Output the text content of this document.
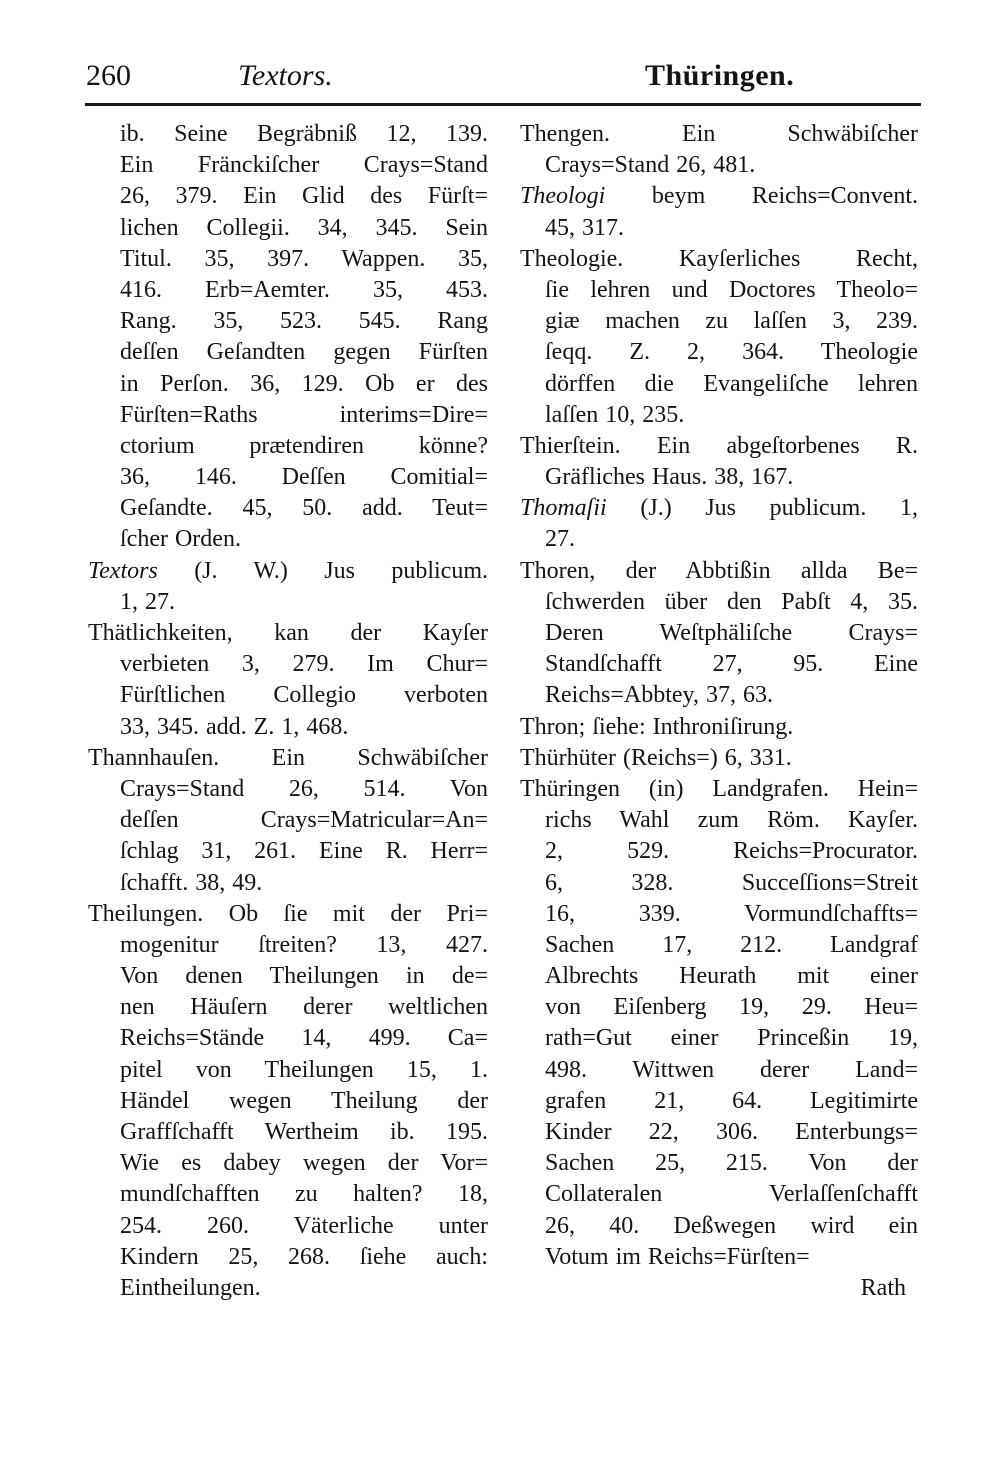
260	Textors.	Thüringen.
ib. Seine Begräbniß 12, 139.
Ein Fränckiſcher Crays=Stand
26, 379. Ein Glid des Fürſt=
lichen Collegii. 34, 345. Sein
Titul. 35, 397. Wappen. 35,
416. Erb=Aemter. 35, 453.
Rang. 35, 523. 545. Rang
deſſen Geſandten gegen Fürſten
in Perſon. 36, 129. Ob er des
Fürſten=Raths interims=Dire=
ctorium prætendiren könne?
36, 146. Deſſen Comitial=
Geſandte. 45, 50. add. Teut=
ſcher Orden.
Textors (J. W.) Jus publicum.
1, 27.
Thätlichkeiten, kan der Kayſer
verbieten 3, 279. Im Chur=
Fürſtlichen Collegio verboten
33, 345. add. Z. 1, 468.
Thannhauſen. Ein Schwäbiſcher
Crays=Stand 26, 514. Von
deſſen Crays=Matricular=An=
ſchlag 31, 261. Eine R. Herr=
ſchafft. 38, 49.
Theilungen. Ob ſie mit der Pri=
mogenitur ſtreiten? 13, 427.
Von denen Theilungen in de=
nen Häuſern derer weltlichen
Reichs=Stände 14, 499. Ca=
pitel von Theilungen 15, 1.
Händel wegen Theilung der
Graffſchafft Wertheim ib. 195.
Wie es dabey wegen der Vor=
mundſchafften zu halten? 18,
254. 260. Väterliche unter
Kindern 25, 268. ſiehe auch:
Eintheilungen.
Thengen. Ein Schwäbiſcher
Crays=Stand 26, 481.
Theologi beym Reichs=Convent.
45, 317.
Theologie. Kayſerliches Recht,
ſie lehren und Doctores Theolo=
giæ machen zu laſſen 3, 239.
ſeqq. Z. 2, 364. Theologie
dörffen die Evangeliſche lehren
laſſen 10, 235.
Thierſtein. Ein abgeſtorbenes R.
Gräfliches Haus. 38, 167.
Thomaſii (J.) Jus publicum. 1,
27.
Thoren, der Abbtißin allda Be=
ſchwerden über den Pabſt 4, 35.
Deren Weſtphäliſche Crays=
Standſchafft 27, 95. Eine
Reichs=Abbtey, 37, 63.
Thron; ſiehe: Inthroniſirung.
Thürhüter (Reichs=) 6, 331.
Thüringen (in) Landgrafen. Hein=
richs Wahl zum Röm. Kayſer.
2, 529. Reichs=Procurator.
6, 328. Succeſſions=Streit
16, 339. Vormundſchaffts=
Sachen 17, 212. Landgraf
Albrechts Heurath mit einer
von Eiſenberg 19, 29. Heu=
rath=Gut einer Princeßin 19,
498. Wittwen derer Land=
grafen 21, 64. Legitimirte
Kinder 22, 306. Enterbungs=
Sachen 25, 215. Von der
Collateralen Verlaſſenſchafft
26, 40. Deßwegen wird ein
Votum im Reichs=Fürſten=
Rath
